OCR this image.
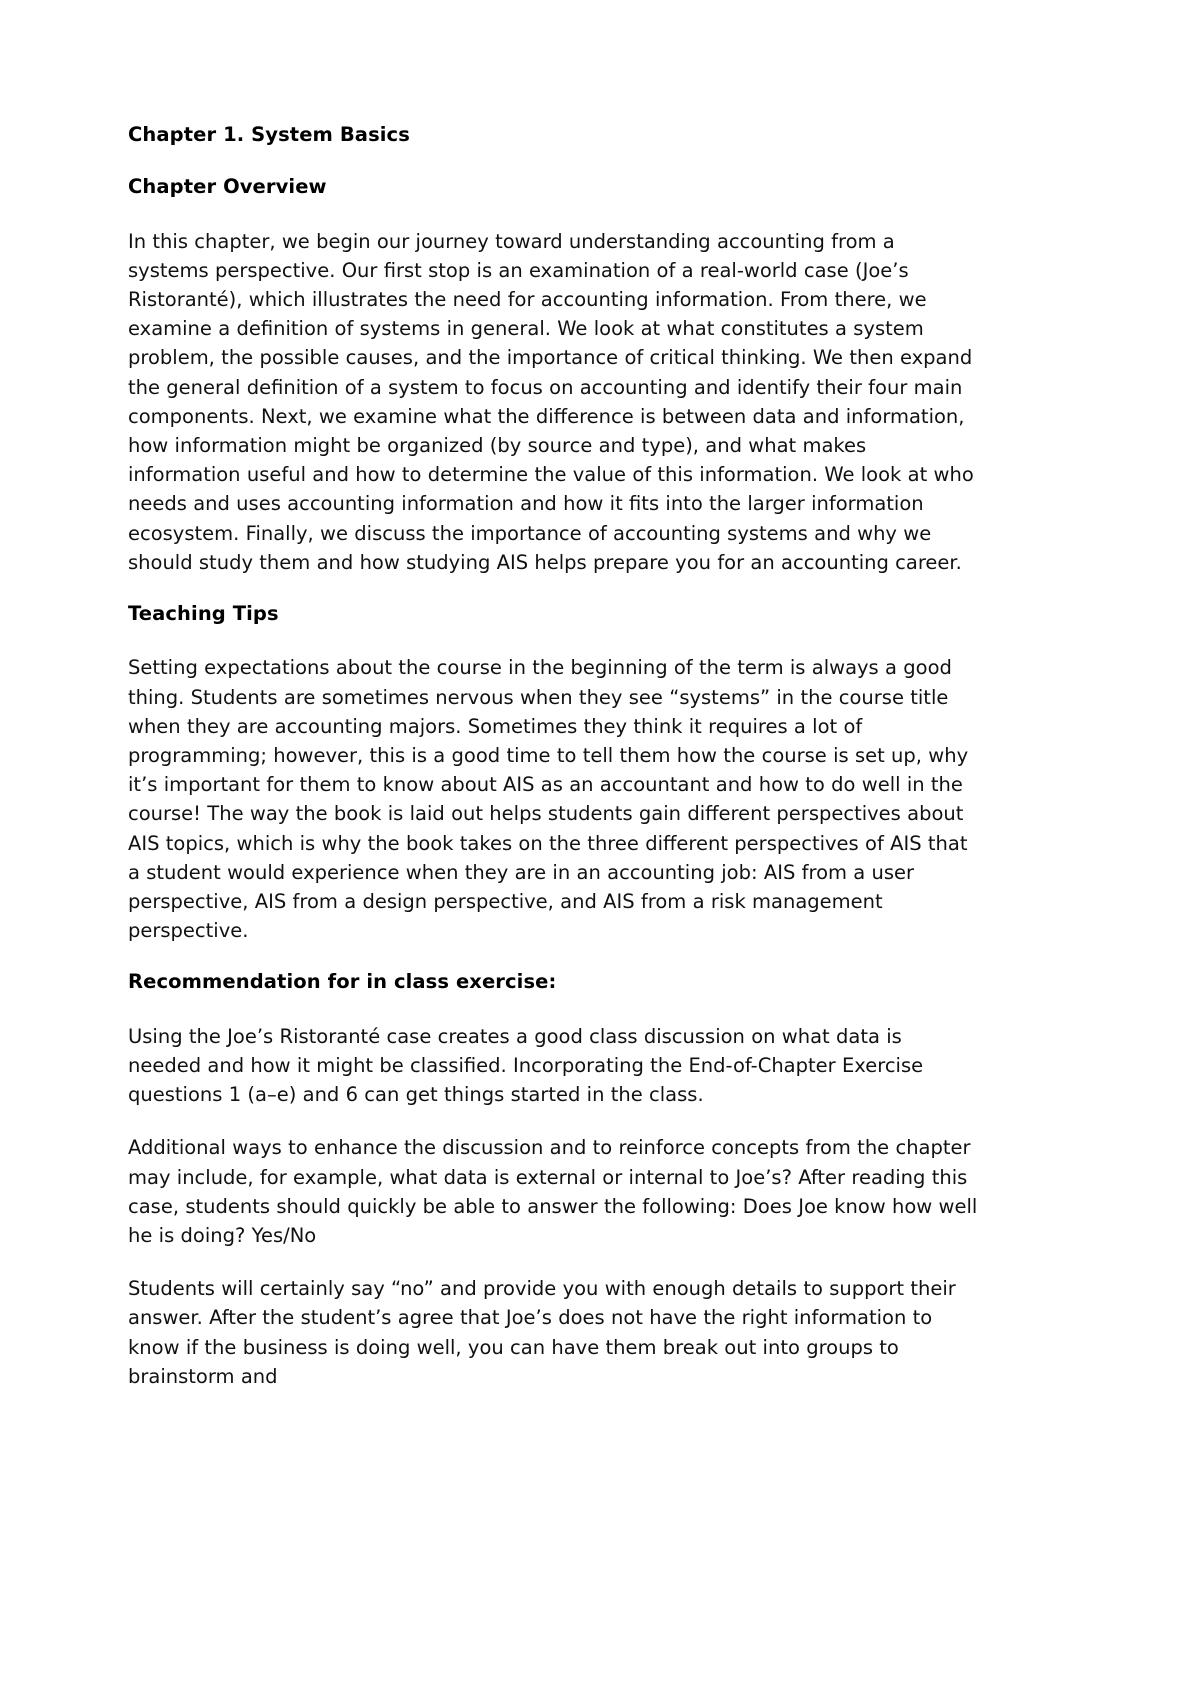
Chapter 1. System Basics

Chapter Overview

In this chapter, we begin our journey toward understanding accounting from a systems perspective. Our first stop is an examination of a real-world case (Joe’s Ristoranté), which illustrates the need for accounting information. From there, we examine a definition of systems in general. We look at what constitutes a system problem, the possible causes, and the importance of critical thinking. We then expand the general definition of a system to focus on accounting and identify their four main components. Next, we examine what the difference is between data and information, how information might be organized (by source and type), and what makes information useful and how to determine the value of this information. We look at who needs and uses accounting information and how it fits into the larger information ecosystem. Finally, we discuss the importance of accounting systems and why we should study them and how studying AIS helps prepare you for an accounting career.

Teaching Tips

Setting expectations about the course in the beginning of the term is always a good thing. Students are sometimes nervous when they see “systems” in the course title when they are accounting majors. Sometimes they think it requires a lot of programming; however, this is a good time to tell them how the course is set up, why it’s important for them to know about AIS as an accountant and how to do well in the course! The way the book is laid out helps students gain different perspectives about AIS topics, which is why the book takes on the three different perspectives of AIS that a student would experience when they are in an accounting job: AIS from a user perspective, AIS from a design perspective, and AIS from a risk management perspective.

Recommendation for in class exercise:

Using the Joe’s Ristoranté case creates a good class discussion on what data is needed and how it might be classified. Incorporating the End-of-Chapter Exercise questions 1 (a–e) and 6 can get things started in the class.

Additional ways to enhance the discussion and to reinforce concepts from the chapter may include, for example, what data is external or internal to Joe’s? After reading this case, students should quickly be able to answer the following: Does Joe know how well he is doing? Yes/No

Students will certainly say “no” and provide you with enough details to support their answer. After the student’s agree that Joe’s does not have the right information to know if the business is doing well, you can have them break out into groups to brainstorm and
